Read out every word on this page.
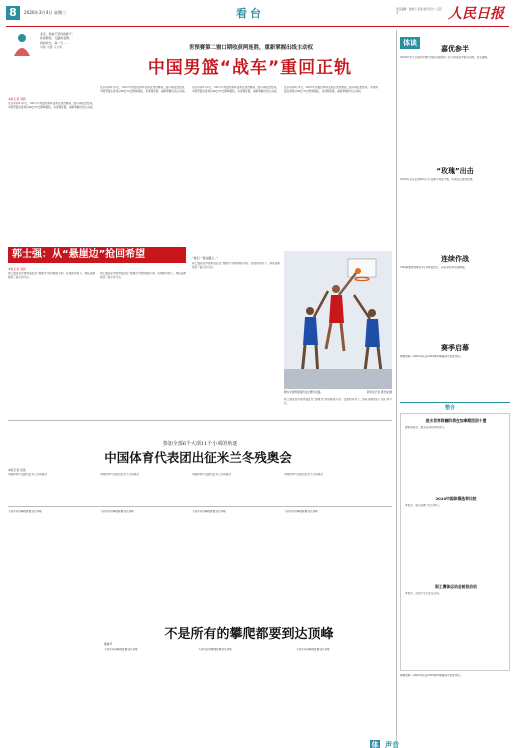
8	2026年3月4日 星期三	看台	责任编辑：施晓兰 李昊 版式设计：汪哲平	人民日报
北京，我看不见你的影子；
你说教你，行路的表情；
我的快乐，每一天……
刘静 朱鹏 马文峰	世预赛第二窗口期收获两连胜，重新掌握出线主动权
中国男篮“战车”重回正轨
本报记者 刘硕
北京时间3月2日，2027年男篮世界杯亚洲区预选赛第二窗口期在此结束。中国男篮在客场以86比70击败韩国队，实现两连胜，重新掌握出线主动权。
北京时间3月2日，2027年男篮世界杯亚洲区预选赛第二窗口期在此结束。中国男篮在客场以86比70击败韩国队，实现两连胜，重新掌握出线主动权。
北京时间3月2日，2027年男篮世界杯亚洲区预选赛第二窗口期在此结束。中国男篮在客场以86比70击败韩国队，实现两连胜，重新掌握出线主动权。
北京时间3月2日，2027年男篮世界杯亚洲区预选赛第二窗口期在此结束。中国男篮在客场以86比70击败韩国队，实现两连胜，重新掌握出线主动权。
郭士强：从“悬崖边”抢回希望
本报记者 刘硕
郭士强是在中国男篮处在“悬崖边”的时候接手的。在他的带领下，球队逐渐找回了信心和斗志。
郭士强是在中国男篮处在“悬崖边”的时候接手的。在他的带领下，球队逐渐找回了信心和斗志。
“我们一直在路上。”
郭士强是在中国男篮处在“悬崖边”的时候接手的。在他的带领下，球队逐渐找回了信心和斗志。
图为中国男篮球员在比赛中扣篮。	新华社记者 贾浩成 摄
郭士强是在中国男篮处在“悬崖边”的时候接手的。在他的带领下，球队逐渐找回了信心和斗志。
参加全部6个大项11个小项的角逐
中国体育代表团出征米兰冬残奥会
本报记者 吴昊
中国体育代表团出征米兰冬残奥会	中国体育代表团出征米兰冬残奥会	中国体育代表团出征米兰冬残奥会	中国体育代表团出征米兰冬残奥会
不是所有的攀爬都要到达顶峰	不是所有的攀爬都要到达顶峰	不是所有的攀爬都要到达顶峰	不是所有的攀爬都要到达顶峰
不是所有的攀爬都要到达顶峰
郝晓平
不是所有的攀爬都要到达顶峰	不是所有的攀爬都要到达顶峰	不是所有的攀爬都要到达顶峰
体 声音
体谈
嘉优参半
2026年米兰冬奥会中国代表团表现如何？在不同项目中都有突破，也有遗憾。
“玫瑰”出击
2026年女足亚洲杯3月1日在澳大利亚开赛，中国女足首战告捷。
连续作战
CBA联赛常规赛在3月初恢复进行，各队将迎来密集赛程。
赛季启幕
梅赛德斯—AMG车队在2026赛季揭幕战中表现出色。
整合
迷水世界将翻阶将在加拿期回回十壹
据本报消息，相关活动将持续进行。
2026中国体操选举比较
本报讯，相关比赛于近日举行。
职工赛体运动会前段启动
本报讯，活动于近日在京启动。
梅赛德斯—AMG车队在2026赛季揭幕战中表现出色。
